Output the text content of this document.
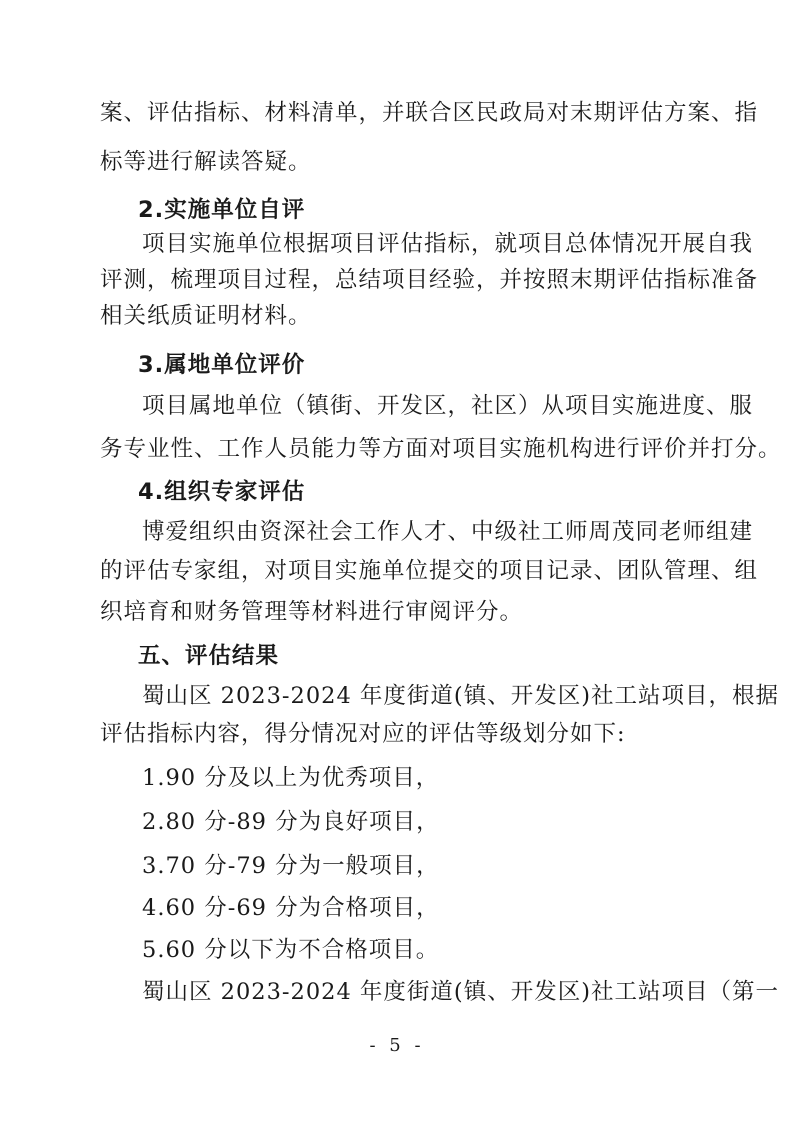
案、评估指标、材料清单，并联合区民政局对末期评估方案、指
标等进行解读答疑。
2.实施单位自评
项目实施单位根据项目评估指标，就项目总体情况开展自我
评测，梳理项目过程，总结项目经验，并按照末期评估指标准备
相关纸质证明材料。
3.属地单位评价
项目属地单位（镇街、开发区，社区）从项目实施进度、服
务专业性、工作人员能力等方面对项目实施机构进行评价并打分。
4.组织专家评估
博爱组织由资深社会工作人才、中级社工师周茂同老师组建
的评估专家组，对项目实施单位提交的项目记录、团队管理、组
织培育和财务管理等材料进行审阅评分。
五、评估结果
蜀山区 2023-2024 年度街道(镇、开发区)社工站项目，根据
评估指标内容，得分情况对应的评估等级划分如下:
1.90 分及以上为优秀项目，
2.80 分-89 分为良好项目，
3.70 分-79 分为一般项目，
4.60 分-69 分为合格项目，
5.60 分以下为不合格项目。
蜀山区 2023-2024 年度街道(镇、开发区)社工站项目（第一
- 5 -
